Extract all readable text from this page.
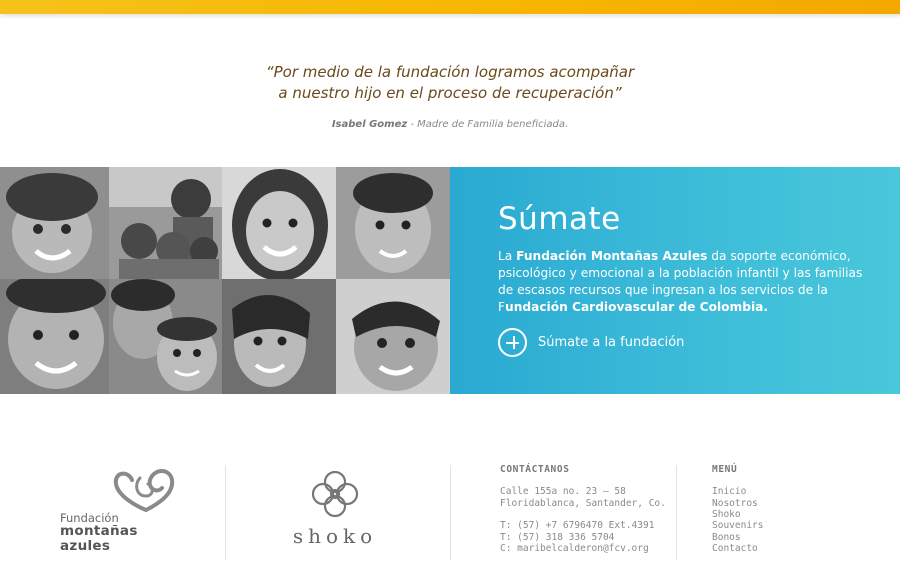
“Por medio de la fundación logramos acompañar
a nuestro hijo en el proceso de recuperación”
Isabel Gomez - Madre de Familia beneficiada.
Súmate

La Fundación Montañas Azules da soporte económico, psicológico y emocional a la población infantil y las familias de escasos recursos que ingresan a los servicios de la Fundación Cardiovascular de Colombia.

Súmate a la fundación
Fundación
montañas
azules	shoko
CONTÁCTANOS
Calle 155a no. 23 – 58
Floridablanca, Santander, Co.
T: (57) +7 6796470 Ext.4391
T: (57) 318 336 5704
C: maribelcalderon@fcv.org
MENÚ
Inicio
Nosotros
Shoko
Souvenirs
Bonos
Contacto
